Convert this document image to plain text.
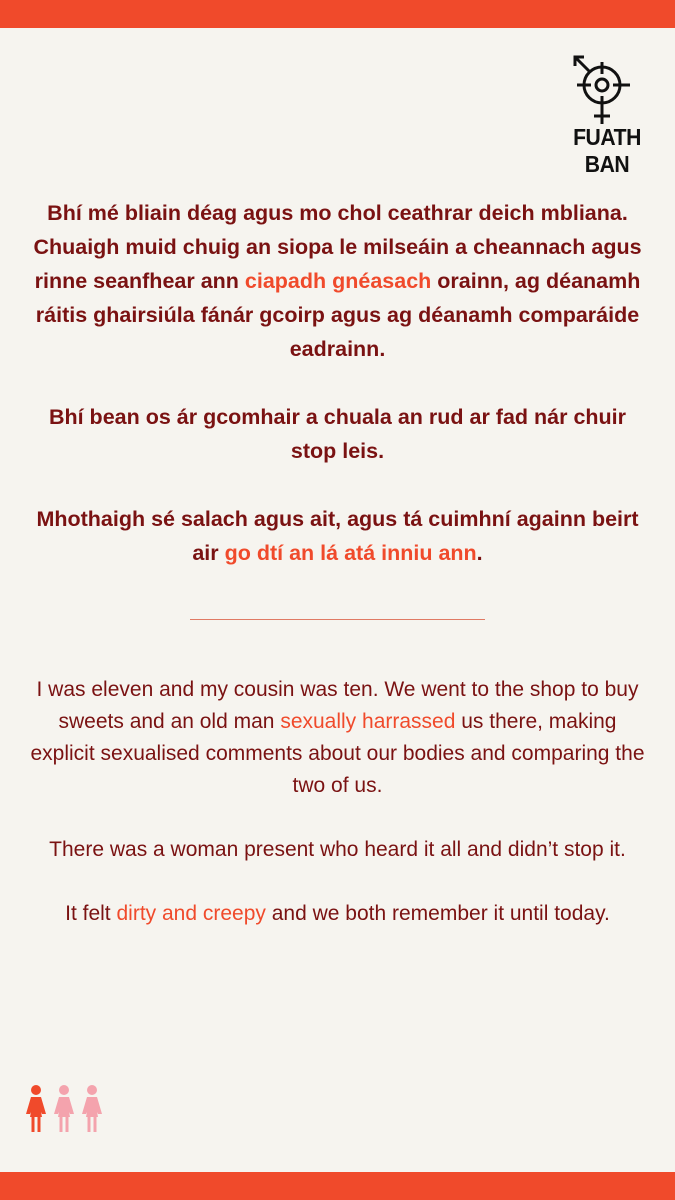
FUATH BAN

Bhí mé bliain déag agus mo chol ceathrar deich mbliana. Chuaigh muid chuig an siopa le milseáin a cheannach agus rinne seanfhear ann ciapadh gnéasach orainn, ag déanamh ráitis ghairsiúla fánár gcoirp agus ag déanamh comparáide eadrainn.

Bhí bean os ár gcomhair a chuala an rud ar fad nár chuir stop leis.

Mhothaigh sé salach agus ait, agus tá cuimhní againn beirt air go dtí an lá atá inniu ann.

I was eleven and my cousin was ten. We went to the shop to buy sweets and an old man sexually harrassed us there, making explicit sexualised comments about our bodies and comparing the two of us.

There was a woman present who heard it all and didn’t stop it.

It felt dirty and creepy and we both remember it until today.
